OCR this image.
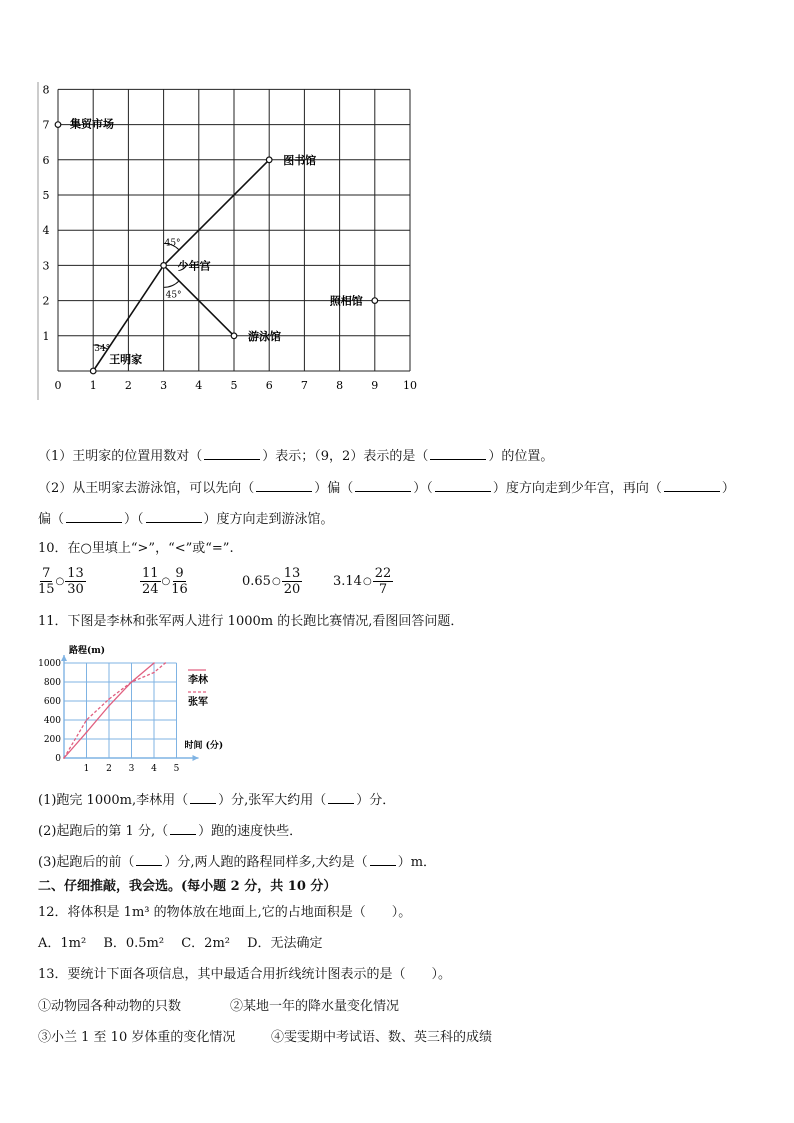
0	1	2	3	4	5	6	7	8	9 10
1
2
3
4
5
6
7
8
45°
45°
34°
集贸市场
图书馆
少年宫
照相馆
游泳馆
王明家
（1）王明家的位置用数对（	）表示；（9，2）表示的是（	）的位置。
（2）从王明家去游泳馆，可以先向（	）偏（	）（	）度方向走到少年宫，再向（	）
偏（	）（	）度方向走到游泳馆。
10．在○里填上“>”，“<”或“=”.
$\frac{7}{15}$ ○ $\frac{13}{30}$	$\frac{11}{24}$ ○ $\frac{9}{16}$	0.65 ○ $\frac{13}{20} 3.14$ ○ $\frac{22}{7}$
11．下图是李林和张军两人进行 1000m 的长跑比赛情况,看图回答问题．
0
200
400
600
800
1000
1 2 3 4 5
路程(m)
时间 (分)
李林
张军
(1)跑完 1000m,李林用（ ）分,张军大约用（ ）分．
(2)起跑后的第 1 分,（ ）跑的速度快些．
(3)起跑后的前（ ）分,两人跑的路程同样多,大约是（ ）m．
二、仔细推敲，我会选。(每小题 2 分，共 10 分）
12．将体积是 1m³ 的物体放在地面上,它的占地面积是（　　）。
A．1m²　 B．0.5m²　 C．2m²　 D．无法确定
13．要统计下面各项信息，其中最适合用折线统计图表示的是（　　）。
①动物园各种动物的只数	②某地一年的降水量变化情况
③小兰 1 至 10 岁体重的变化情况	④雯雯期中考试语、数、英三科的成绩
